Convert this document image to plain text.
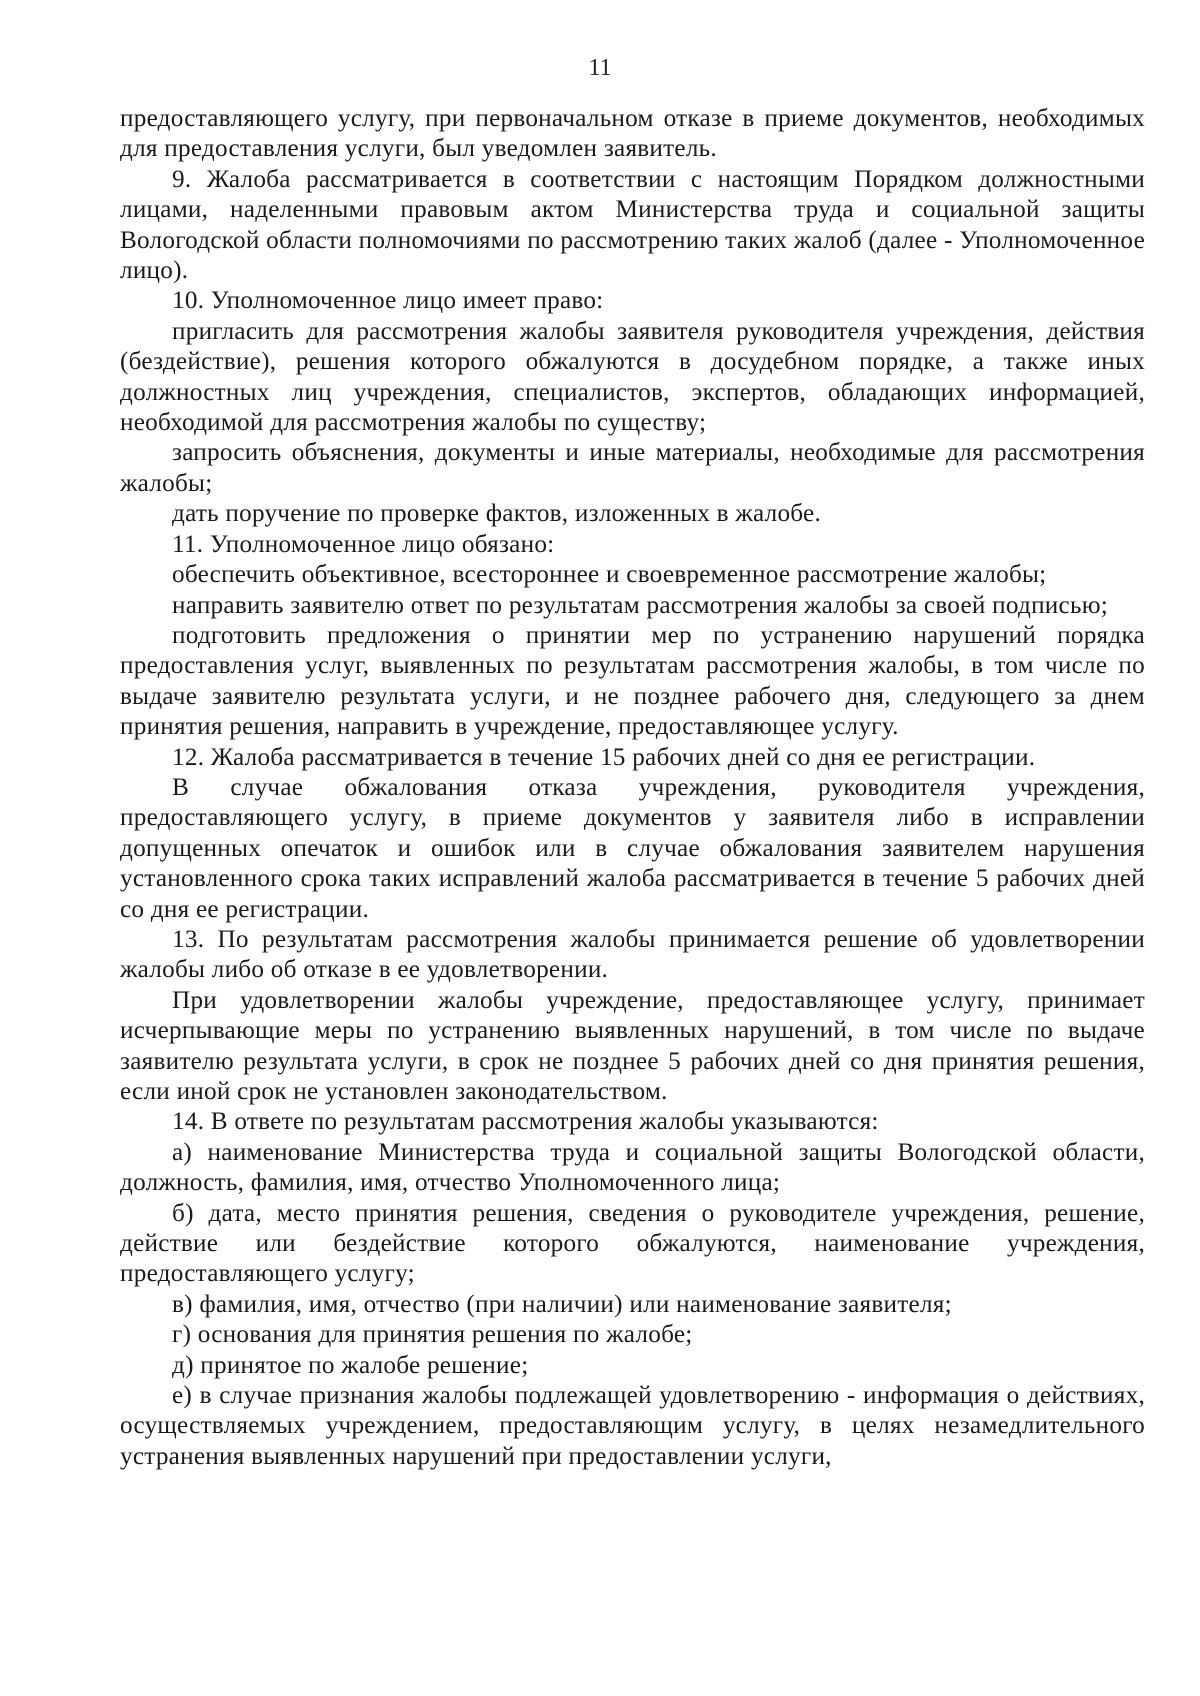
11

предоставляющего услугу, при первоначальном отказе в приеме документов, необходимых для предоставления услуги, был уведомлен заявитель.

9. Жалоба рассматривается в соответствии с настоящим Порядком должностными лицами, наделенными правовым актом Министерства труда и социальной защиты Вологодской области полномочиями по рассмотрению таких жалоб (далее - Уполномоченное лицо).

10. Уполномоченное лицо имеет право:

пригласить для рассмотрения жалобы заявителя руководителя учреждения, действия (бездействие), решения которого обжалуются в досудебном порядке, а также иных должностных лиц учреждения, специалистов, экспертов, обладающих информацией, необходимой для рассмотрения жалобы по существу;

запросить объяснения, документы и иные материалы, необходимые для рассмотрения жалобы;

дать поручение по проверке фактов, изложенных в жалобе.

11. Уполномоченное лицо обязано:

обеспечить объективное, всестороннее и своевременное рассмотрение жалобы;

направить заявителю ответ по результатам рассмотрения жалобы за своей подписью;

подготовить предложения о принятии мер по устранению нарушений порядка предоставления услуг, выявленных по результатам рассмотрения жалобы, в том числе по выдаче заявителю результата услуги, и не позднее рабочего дня, следующего за днем принятия решения, направить в учреждение, предоставляющее услугу.

12. Жалоба рассматривается в течение 15 рабочих дней со дня ее регистрации.

В случае обжалования отказа учреждения, руководителя учреждения, предоставляющего услугу, в приеме документов у заявителя либо в исправлении допущенных опечаток и ошибок или в случае обжалования заявителем нарушения установленного срока таких исправлений жалоба рассматривается в течение 5 рабочих дней со дня ее регистрации.

13. По результатам рассмотрения жалобы принимается решение об удовлетворении жалобы либо об отказе в ее удовлетворении.

При удовлетворении жалобы учреждение, предоставляющее услугу, принимает исчерпывающие меры по устранению выявленных нарушений, в том числе по выдаче заявителю результата услуги, в срок не позднее 5 рабочих дней со дня принятия решения, если иной срок не установлен законодательством.

14. В ответе по результатам рассмотрения жалобы указываются:

а) наименование Министерства труда и социальной защиты Вологодской области, должность, фамилия, имя, отчество Уполномоченного лица;

б) дата, место принятия решения, сведения о руководителе учреждения, решение, действие или бездействие которого обжалуются, наименование учреждения, предоставляющего услугу;

в) фамилия, имя, отчество (при наличии) или наименование заявителя;

г) основания для принятия решения по жалобе;

д) принятое по жалобе решение;

е) в случае признания жалобы подлежащей удовлетворению - информация о действиях, осуществляемых учреждением, предоставляющим услугу, в целях незамедлительного устранения выявленных нарушений при предоставлении услуги,
